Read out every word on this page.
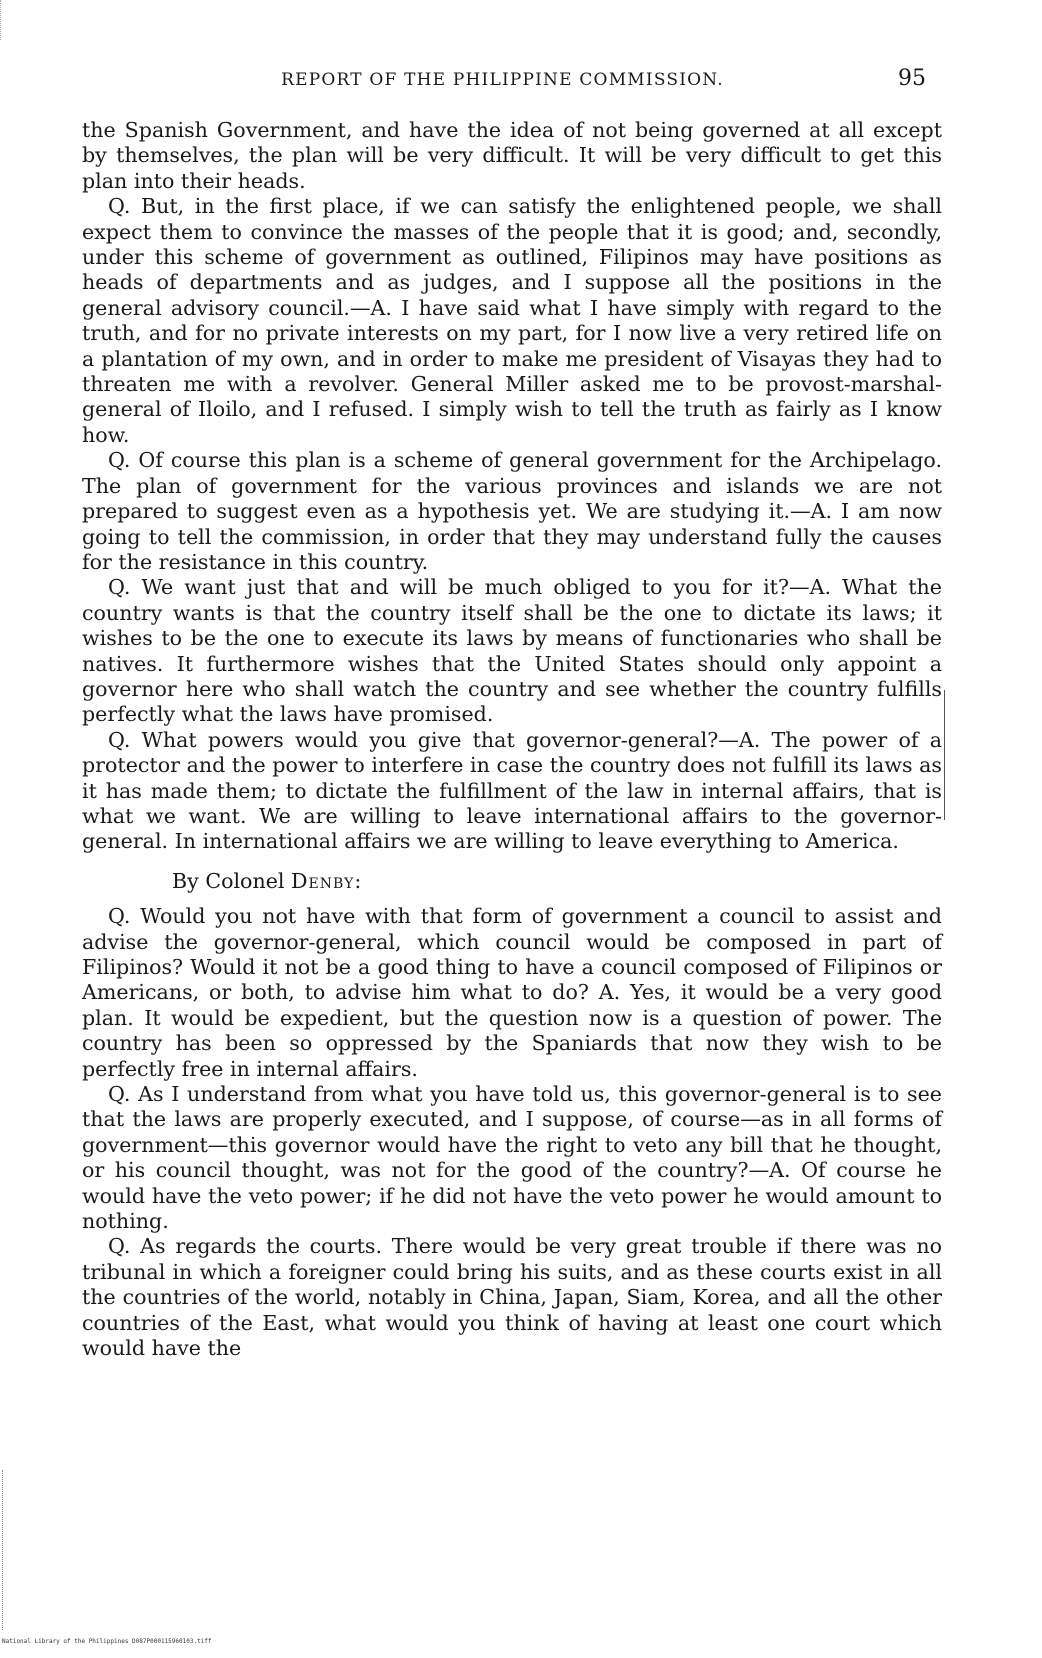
REPORT OF THE PHILIPPINE COMMISSION.	95

the Spanish Government, and have the idea of not being governed at all except by themselves, the plan will be very difficult. It will be very difficult to get this plan into their heads.

Q. But, in the first place, if we can satisfy the enlightened people, we shall expect them to convince the masses of the people that it is good; and, secondly, under this scheme of government as outlined, Filipinos may have positions as heads of departments and as judges, and I suppose all the positions in the general advisory council.—A. I have said what I have simply with regard to the truth, and for no private interests on my part, for I now live a very retired life on a plantation of my own, and in order to make me president of Visayas they had to threaten me with a revolver. General Miller asked me to be provost-marshal-general of Iloilo, and I refused. I simply wish to tell the truth as fairly as I know how.

Q. Of course this plan is a scheme of general government for the Archipelago. The plan of government for the various provinces and islands we are not prepared to suggest even as a hypothesis yet. We are studying it.—A. I am now going to tell the commission, in order that they may understand fully the causes for the resistance in this country.

Q. We want just that and will be much obliged to you for it?—A. What the country wants is that the country itself shall be the one to dictate its laws; it wishes to be the one to execute its laws by means of functionaries who shall be natives. It furthermore wishes that the United States should only appoint a governor here who shall watch the country and see whether the country fulfills perfectly what the laws have promised.

Q. What powers would you give that governor-general?—A. The power of a protector and the power to interfere in case the country does not fulfill its laws as it has made them; to dictate the fulfillment of the law in internal affairs, that is what we want. We are willing to leave international affairs to the governor-general. In international affairs we are willing to leave everything to America.

By Colonel Denby:

Q. Would you not have with that form of government a council to assist and advise the governor-general, which council would be composed in part of Filipinos? Would it not be a good thing to have a council composed of Filipinos or Americans, or both, to advise him what to do? A. Yes, it would be a very good plan. It would be expedient, but the question now is a question of power. The country has been so oppressed by the Spaniards that now they wish to be perfectly free in internal affairs.

Q. As I understand from what you have told us, this governor-general is to see that the laws are properly executed, and I suppose, of course—as in all forms of government—this governor would have the right to veto any bill that he thought, or his council thought, was not for the good of the country?—A. Of course he would have the veto power; if he did not have the veto power he would amount to nothing.

Q. As regards the courts. There would be very great trouble if there was no tribunal in which a foreigner could bring his suits, and as these courts exist in all the countries of the world, notably in China, Japan, Siam, Korea, and all the other countries of the East, what would you think of having at least one court which would have the

National Library of the Philippines D087P000115960103.tiff
